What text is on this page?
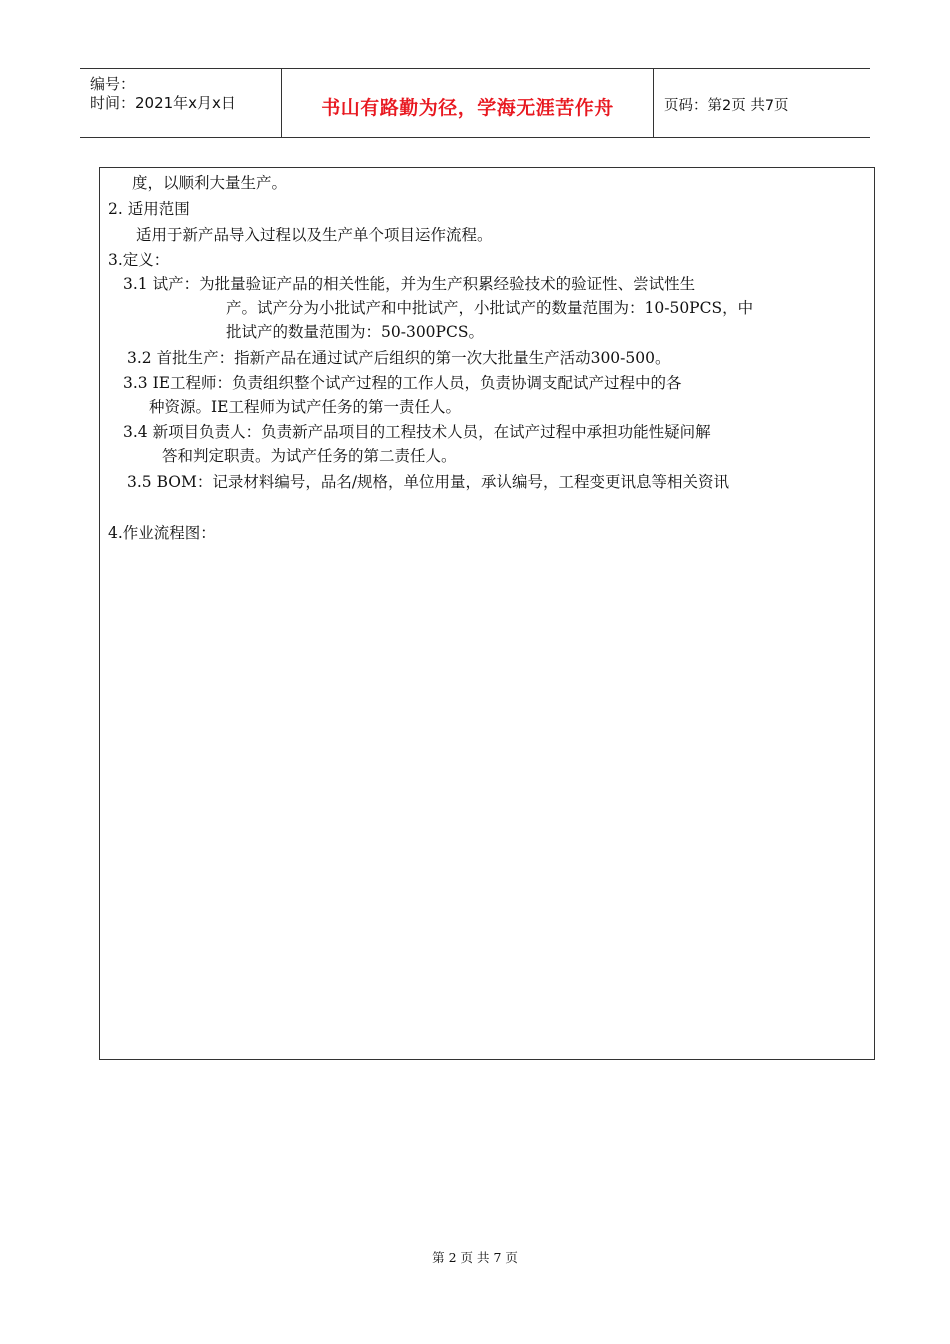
编号：
时间：2021年x月x日	书山有路勤为径，学海无涯苦作舟	页码：第2页 共7页
度，以顺利大量生产。
2. 适用范围
适用于新产品导入过程以及生产单个项目运作流程。
3.定义：
3.1 试产：为批量验证产品的相关性能，并为生产积累经验技术的验证性、尝试性生
产。试产分为小批试产和中批试产，小批试产的数量范围为：10-50PCS，中
批试产的数量范围为：50-300PCS。
3.2 首批生产：指新产品在通过试产后组织的第一次大批量生产活动300-500。
3.3 IE工程师：负责组织整个试产过程的工作人员，负责协调支配试产过程中的各
种资源。IE工程师为试产任务的第一责任人。
3.4 新项目负责人：负责新产品项目的工程技术人员，在试产过程中承担功能性疑问解
答和判定职责。为试产任务的第二责任人。
3.5 BOM：记录材料编号，品名/规格，单位用量，承认编号，工程变更讯息等相关资讯
4.作业流程图：
第 2 页 共 7 页
